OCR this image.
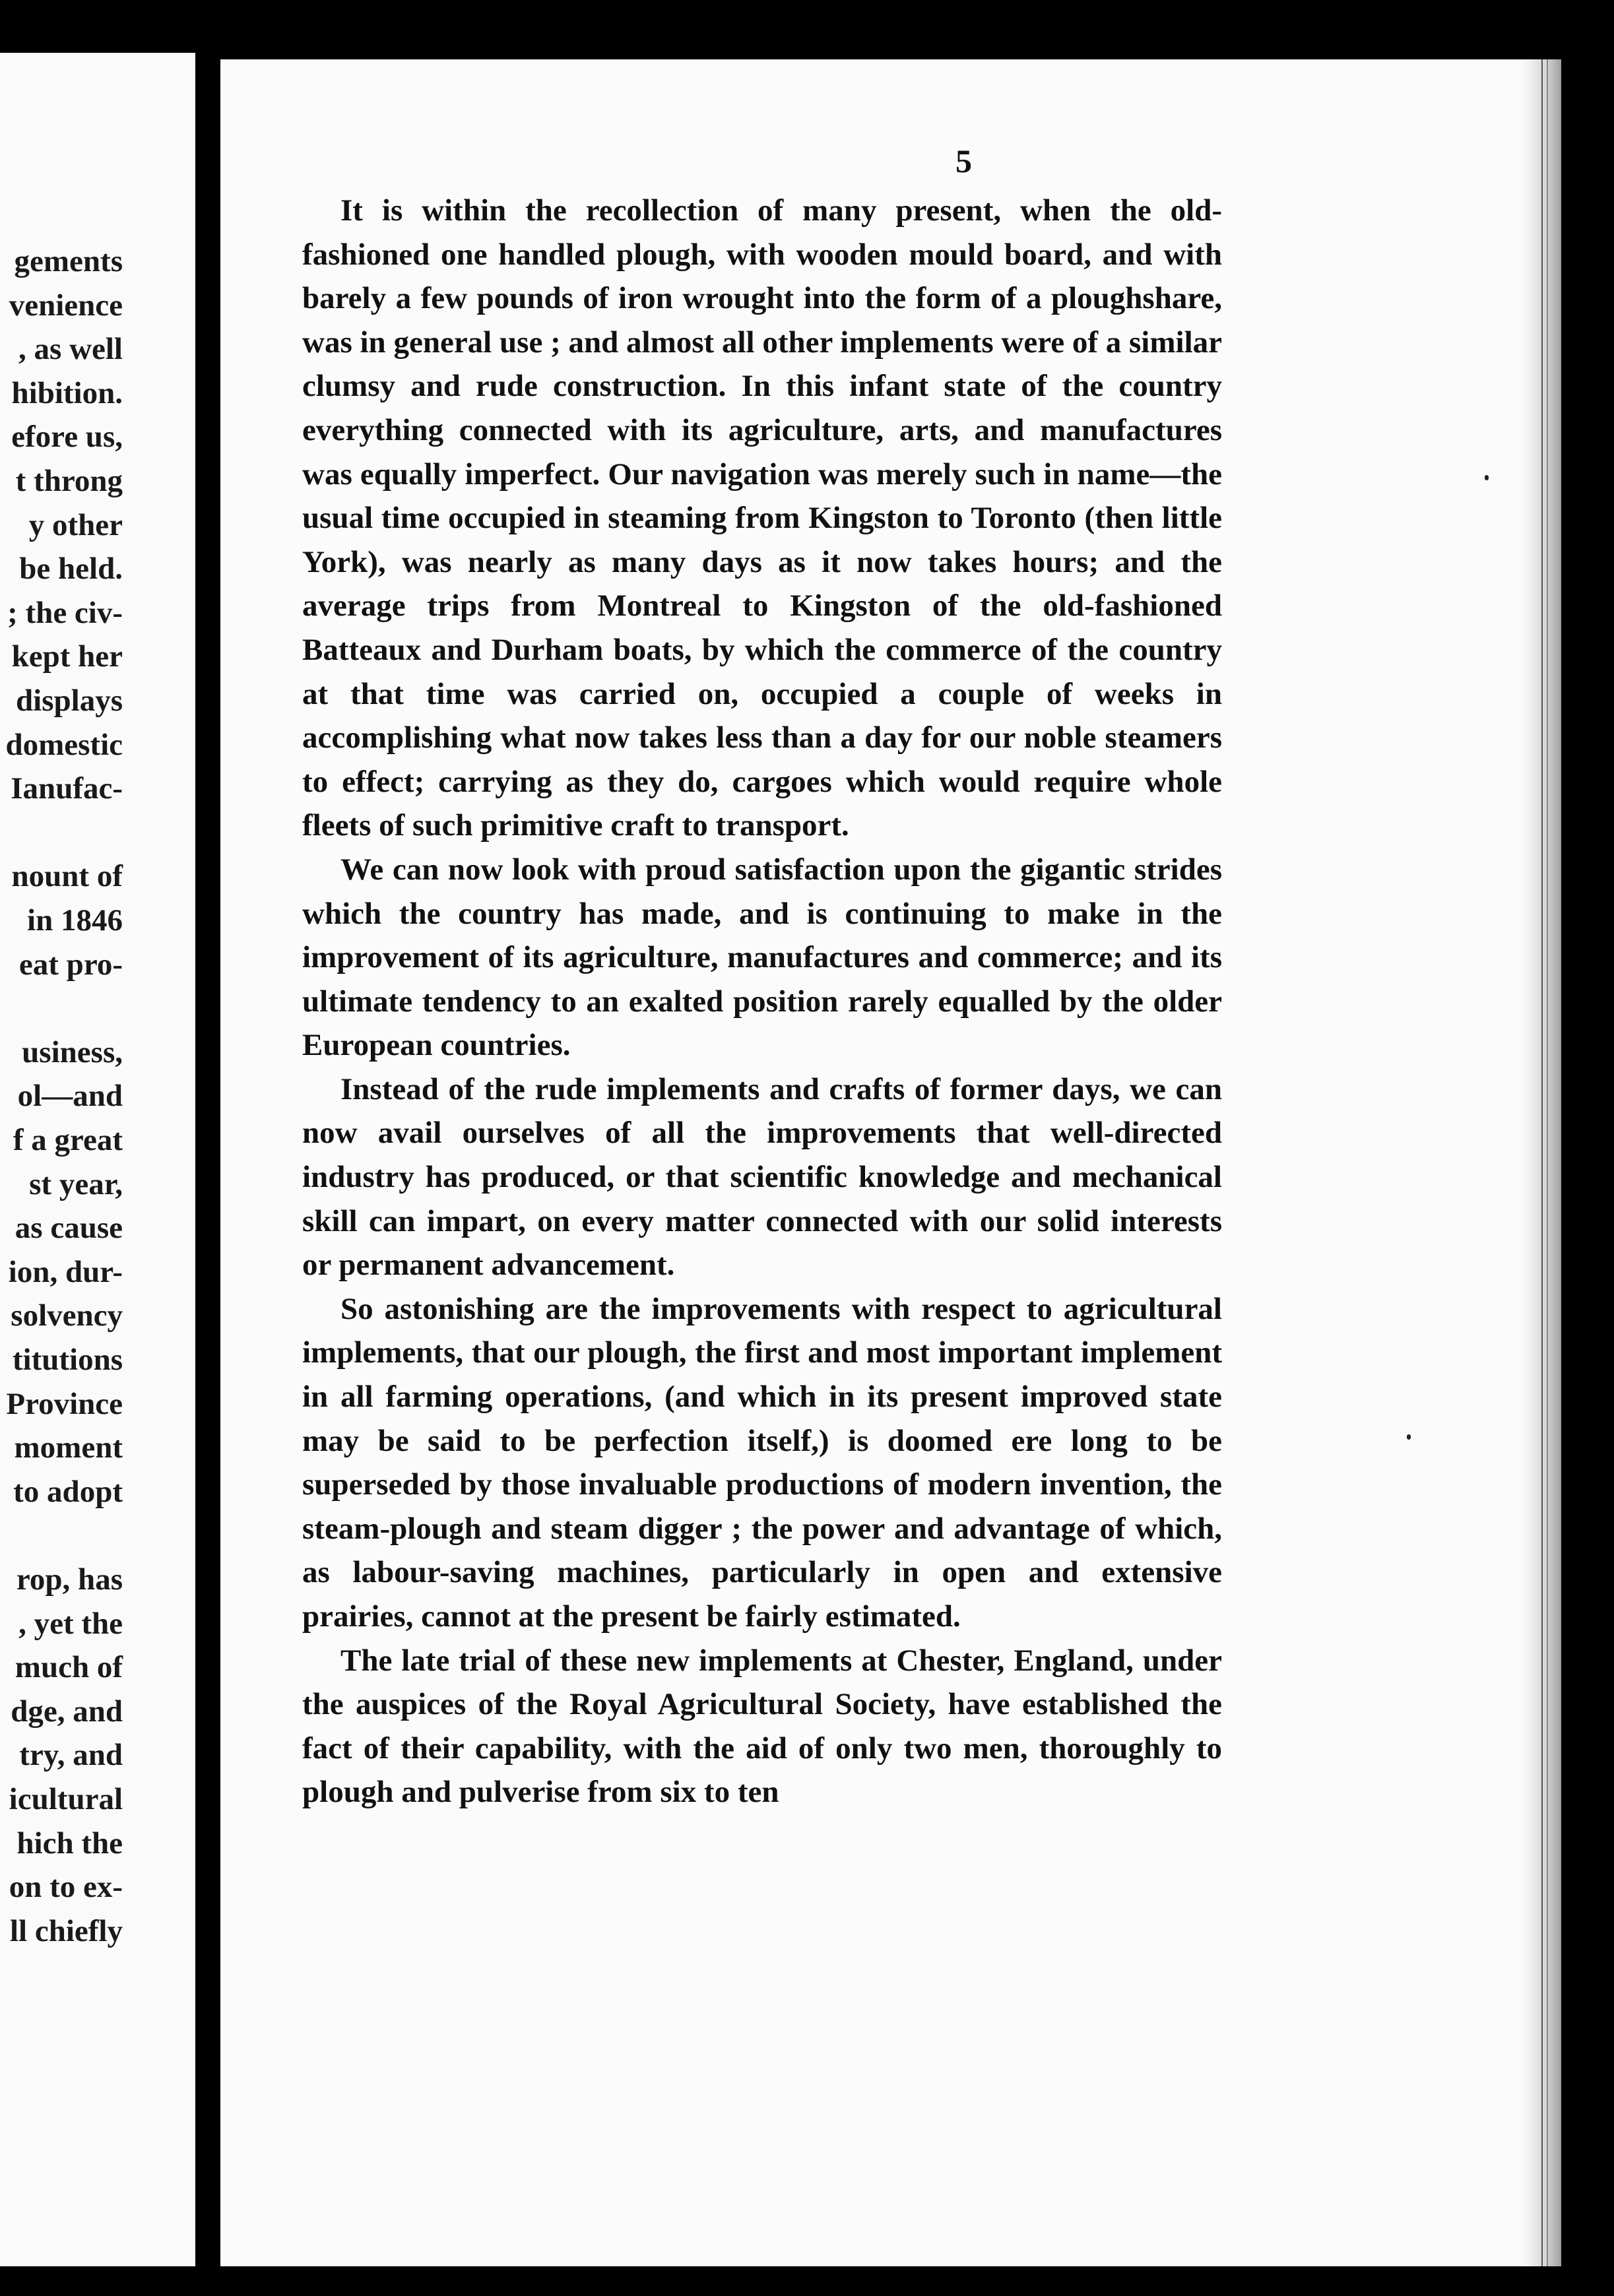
gements
venience
, as well
hibition.
efore us,
t throng
y other
be held.
; the civ-
kept her
displays
domestic
Ianufac-
nount of
in 1846
eat pro-
usiness,
ol—and
f a great
st year,
as cause
ion, dur-
solvency
titutions
Province
moment
to adopt
rop, has
, yet the
much of
dge, and
try, and
icultural
hich the
on to ex-
ll chiefly
5

It is within the recollection of many present, when the old-fashioned one handled plough, with wooden mould board, and with barely a few pounds of iron wrought into the form of a ploughshare, was in general use ; and almost all other implements were of a similar clumsy and rude construction. In this infant state of the country everything connected with its agriculture, arts, and manufactures was equally imperfect. Our navigation was merely such in name—the usual time occupied in steaming from Kingston to Toronto (then little York), was nearly as many days as it now takes hours; and the average trips from Montreal to Kingston of the old-fashioned Batteaux and Durham boats, by which the commerce of the country at that time was carried on, occupied a couple of weeks in accomplishing what now takes less than a day for our noble steamers to effect; carrying as they do, cargoes which would require whole fleets of such primitive craft to transport.

We can now look with proud satisfaction upon the gigantic strides which the country has made, and is continuing to make in the improvement of its agriculture, manufactures and commerce; and its ultimate tendency to an exalted position rarely equalled by the older European countries.

Instead of the rude implements and crafts of former days, we can now avail ourselves of all the improvements that well-directed industry has produced, or that scientific knowledge and mechanical skill can impart, on every matter connected with our solid interests or permanent advancement.

So astonishing are the improvements with respect to agricultural implements, that our plough, the first and most important implement in all farming operations, (and which in its present improved state may be said to be perfection itself,) is doomed ere long to be superseded by those invaluable productions of modern invention, the steam-plough and steam digger ; the power and advantage of which, as labour-saving machines, particularly in open and extensive prairies, cannot at the present be fairly estimated.

The late trial of these new implements at Chester, England, under the auspices of the Royal Agricultural Society, have established the fact of their capability, with the aid of only two men, thoroughly to plough and pulverise from six to ten
